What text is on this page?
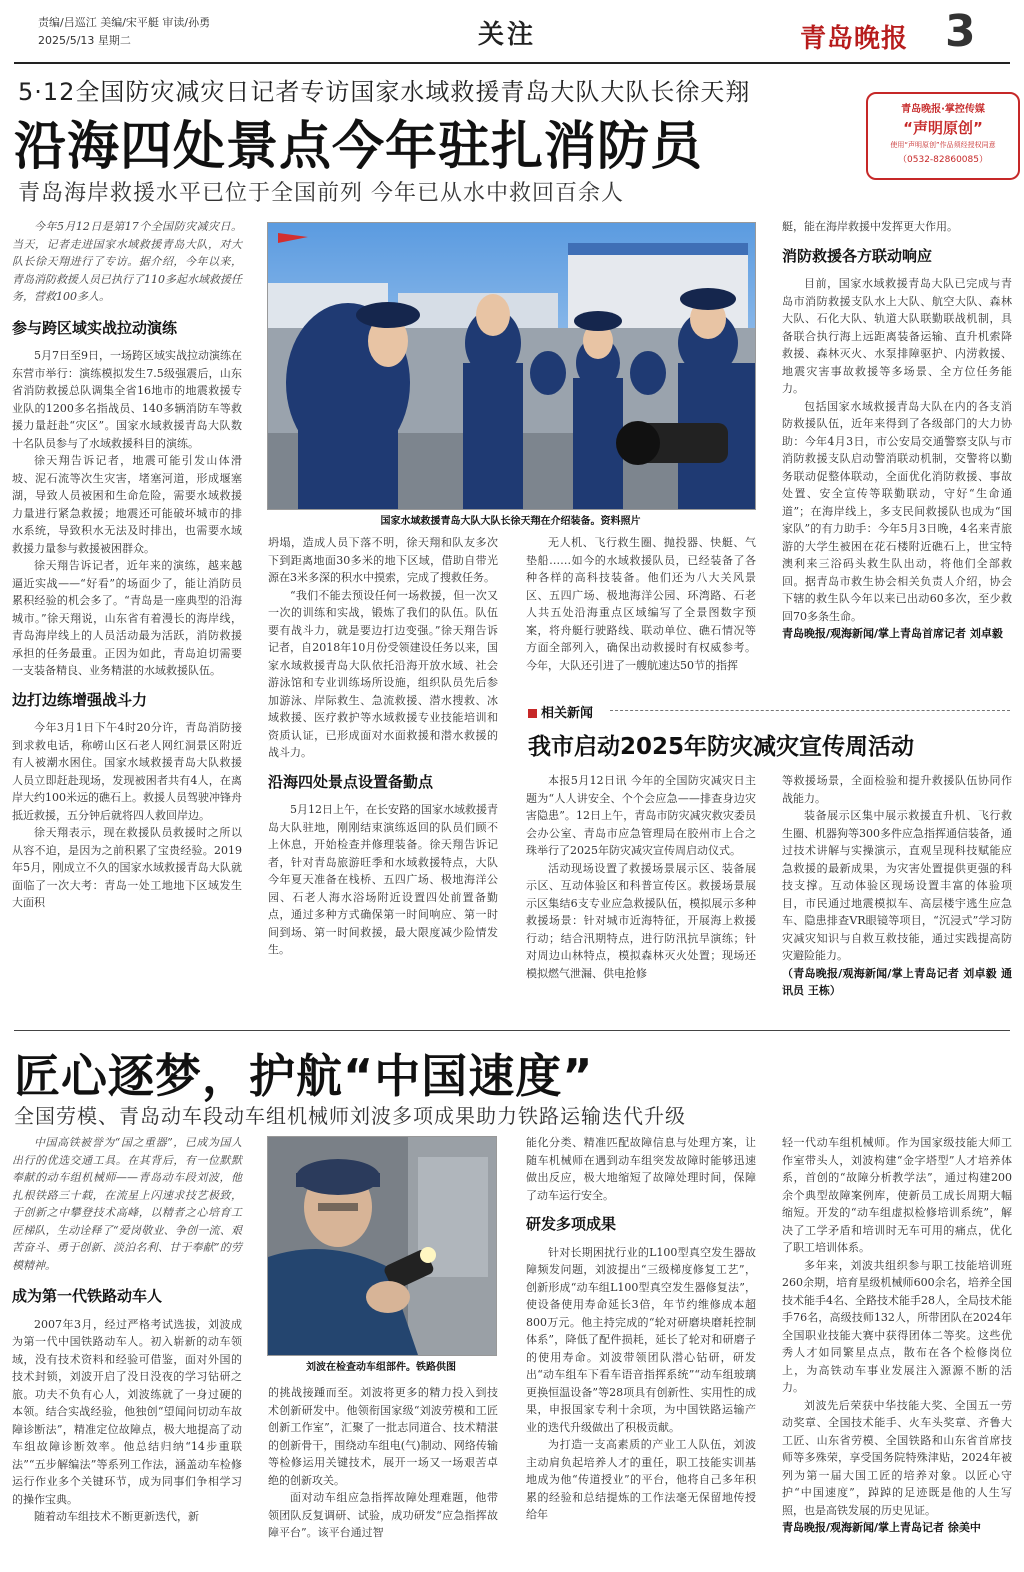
责编/吕巡江 美编/宋平艇 审读/孙勇
2025/5/13 星期二	关注	青岛晚报 3
青岛晚报·掌控传媒
“声明原创”
使用“声明原创”作品须经授权同意
（0532-82860085）
5·12全国防灾减灾日记者专访国家水域救援青岛大队大队长徐天翔
沿海四处景点今年驻扎消防员
青岛海岸救援水平已位于全国前列 今年已从水中救回百余人

今年5月12日是第17个全国防灾减灾日。当天，记者走进国家水域救援青岛大队，对大队长徐天翔进行了专访。据介绍，今年以来，青岛消防救援人员已执行了110多起水域救援任务，营救100多人。

参与跨区域实战拉动演练

5月7日至9日，一场跨区域实战拉动演练在东营市举行：演练模拟发生7.5级强震后，山东省消防救援总队调集全省16地市的地震救援专业队的1200多名指战员、140多辆消防车等救援力量赶赴“灾区”。国家水域救援青岛大队数十名队员参与了水域救援科目的演练。

徐天翔告诉记者，地震可能引发山体滑坡、泥石流等次生灾害，堵塞河道，形成堰塞湖，导致人员被困和生命危险，需要水域救援力量进行紧急救援；地震还可能破坏城市的排水系统，导致积水无法及时排出，也需要水域救援力量参与救援被困群众。

徐天翔告诉记者，近年来的演练，越来越逼近实战——“好看”的场面少了，能让消防员累积经验的机会多了。“青岛是一座典型的沿海城市。”徐天翔说，山东省有着漫长的海岸线，青岛海岸线上的人员活动最为活跃，消防救援承担的任务最重。正因为如此，青岛迫切需要一支装备精良、业务精湛的水域救援队伍。

边打边练增强战斗力

今年3月1日下午4时20分许，青岛消防接到求救电话，称崂山区石老人网红洞景区附近有人被潮水困住。国家水域救援青岛大队救援人员立即赶赴现场，发现被困者共有4人，在离岸大约100米远的礁石上。救援人员驾驶冲锋舟抵近救援，五分钟后就将四人救回岸边。

徐天翔表示，现在救援队员救援时之所以从容不迫，是因为之前积累了宝贵经验。2019年5月，刚成立不久的国家水域救援青岛大队就面临了一次大考：青岛一处工地地下区域发生大面积

国家水域救援青岛大队大队长徐天翔在介绍装备。资料照片

坍塌，造成人员下落不明，徐天翔和队友多次下到距离地面30多米的地下区域，借助自带光源在3米多深的积水中摸索，完成了搜救任务。

“我们不能去预设任何一场救援，但一次又一次的训练和实战，锻炼了我们的队伍。队伍要有战斗力，就是要边打边变强。”徐天翔告诉记者，自2018年10月份受领建设任务以来，国家水域救援青岛大队依托沿海开放水域、社会游泳馆和专业训练场所设施，组织队员先后参加游泳、岸际救生、急流救援、潜水搜救、冰域救援、医疗救护等水域救援专业技能培训和资质认证，已形成面对水面救援和潜水救援的战斗力。

沿海四处景点设置备勤点

5月12日上午，在长安路的国家水域救援青岛大队驻地，刚刚结束演练返回的队员们顾不上休息，开始检查并修理装备。徐天翔告诉记者，针对青岛旅游旺季和水域救援特点，大队今年夏天准备在栈桥、五四广场、极地海洋公园、石老人海水浴场附近设置四处前置备勤点，通过多种方式确保第一时间响应、第一时间到场、第一时间救援，最大限度减少险情发生。

无人机、飞行救生圈、抛投器、快艇、气垫船……如今的水域救援队员，已经装备了各种各样的高科技装备。他们还为八大关风景区、五四广场、极地海洋公园、环湾路、石老人共五处沿海重点区域编写了全景图数字预案，将舟艇行驶路线、联动单位、礁石情况等方面全部列入，确保出动救援时有权威参考。今年，大队还引进了一艘航速达50节的指挥

艇，能在海岸救援中发挥更大作用。

消防救援各方联动响应

目前，国家水域救援青岛大队已完成与青岛市消防救援支队水上大队、航空大队、森林大队、石化大队、轨道大队联勤联战机制，具备联合执行海上远距离装备运输、直升机索降救援、森林灭火、水泵排障驱护、内涝救援、地震灾害事故救援等多场景、全方位任务能力。

包括国家水域救援青岛大队在内的各支消防救援队伍，近年来得到了各级部门的大力协助：今年4月3日，市公安局交通警察支队与市消防救援支队启动警消联动机制，交警将以勤务联动促整体联动，全面优化消防救援、事故处置、安全宣传等联勤联动，守好“生命通道”；在海岸线上，多支民间救援队也成为“国家队”的有力助手：今年5月3日晚，4名来青旅游的大学生被困在花石楼附近礁石上，世宝特澳利来三浴码头救生队出动，将他们全部救回。据青岛市救生协会相关负责人介绍，协会下辖的救生队今年以来已出动60多次，至少救回70多条生命。

青岛晚报/观海新闻/掌上青岛首席记者 刘卓毅

相关新闻
我市启动2025年防灾减灾宣传周活动

本报5月12日讯 今年的全国防灾减灾日主题为“人人讲安全、个个会应急——排查身边灾害隐患”。12日上午，青岛市防灾减灾救灾委员会办公室、青岛市应急管理局在胶州市上合之珠举行了2025年防灾减灾宣传周启动仪式。

活动现场设置了救援场景展示区、装备展示区、互动体验区和科普宣传区。救援场景展示区集结6支专业应急救援队伍，模拟展示多种救援场景：针对城市近海特征，开展海上救援行动；结合汛期特点，进行防汛抗旱演练；针对周边山林特点，模拟森林灭火处置；现场还模拟燃气泄漏、供电抢修

等救援场景，全面检验和提升救援队伍协同作战能力。

装备展示区集中展示救援直升机、飞行救生圈、机器狗等300多件应急指挥通信装备，通过技术讲解与实操演示，直观呈现科技赋能应急救援的最新成果，为灾害处置提供更强的科技支撑。互动体验区现场设置丰富的体验项目，市民通过地震模拟车、高层楼宇逃生应急车、隐患排查VR眼镜等项目，“沉浸式”学习防灾减灾知识与自救互救技能，通过实践提高防灾避险能力。

（青岛晚报/观海新闻/掌上青岛记者 刘卓毅 通讯员 王栋）

匠心逐梦，护航“中国速度”
全国劳模、青岛动车段动车组机械师刘波多项成果助力铁路运输迭代升级

中国高铁被誉为“国之重器”，已成为国人出行的优选交通工具。在其背后，有一位默默奉献的动车组机械师——青岛动车段刘波，他扎根铁路三十载，在流星上闪速求技艺极致，于创新之中攀登技术高峰，以精者之心培育工匠梯队，生动诠释了“爱岗敬业、争创一流、艰苦奋斗、勇于创新、淡泊名利、甘于奉献”的劳模精神。

成为第一代铁路动车人

2007年3月，经过严格考试选拔，刘波成为第一代中国铁路动车人。初入崭新的动车领域，没有技术资料和经验可借鉴，面对外国的技术封锁，刘波开启了没日没夜的学习钻研之旅。功夫不负有心人，刘波练就了一身过硬的本领。结合实战经验，他独创“望闻问切动车故障诊断法”，精准定位故障点，极大地提高了动车组故障诊断效率。他总结归纳“14步重联法”“五步解编法”等系列工作法，涵盖动车检修运行作业多个关键环节，成为同事们争相学习的操作宝典。

随着动车组技术不断更新迭代，新

刘波在检查动车组部件。铁路供图

的挑战接踵而至。刘波将更多的精力投入到技术创新研发中。他领衔国家级“刘波劳模和工匠创新工作室”，汇聚了一批志同道合、技术精湛的创新骨干，围绕动车组电(气)制动、网络传输等检修运用关键技术，展开一场又一场艰苦卓绝的创新攻关。

面对动车组应急指挥故障处理难题，他带领团队反复调研、试验，成功研发“应急指挥故障平台”。该平台通过智

能化分类、精准匹配故障信息与处理方案，让随车机械师在遇到动车组突发故障时能够迅速做出反应，极大地缩短了故障处理时间，保障了动车运行安全。

研发多项成果

针对长期困扰行业的L100型真空发生器故障频发问题，刘波提出“三级梯度修复工艺”，创新形成“动车组L100型真空发生器修复法”，使设备使用寿命延长3倍，年节约维修成本超800万元。他主持完成的“轮对研磨块磨耗控制体系”，降低了配件损耗，延长了轮对和研磨子的使用寿命。刘波带领团队潜心钻研，研发出“动车组车下看车语音指挥系统”“动车组玻璃更换恒温设备”等28项具有创新性、实用性的成果，申报国家专利十余项，为中国铁路运输产业的迭代升级做出了积极贡献。

为打造一支高素质的产业工人队伍，刘波主动肩负起培养人才的重任，职工技能实训基地成为他“传道授业”的平台，他将自己多年积累的经验和总结提炼的工作法毫无保留地传授给年

轻一代动车组机械师。作为国家级技能大师工作室带头人，刘波构建“金字塔型”人才培养体系，首创的“故障分析教学法”，通过构建200余个典型故障案例库，使新员工成长周期大幅缩短。开发的“动车组虚拟检修培训系统”，解决了工学矛盾和培训时无车可用的痛点，优化了职工培训体系。

多年来，刘波共组织参与职工技能培训班260余期，培育星级机械师600余名，培养全国技术能手4名、全路技术能手28人，全局技术能手76名，高级技师132人，所带团队在2024年全国职业技能大赛中获得团体二等奖。这些优秀人才如同繁星点点，散布在各个检修岗位上，为高铁动车事业发展注入源源不断的活力。

刘波先后荣获中华技能大奖、全国五一劳动奖章、全国技术能手、火车头奖章、齐鲁大工匠、山东省劳模、全国铁路和山东省首席技师等多殊荣，享受国务院特殊津贴，2024年被列为第一届大国工匠的培养对象。以匠心守护“中国速度”，踔踔的足迹既是他的人生写照，也是高铁发展的历史见证。

青岛晚报/观海新闻/掌上青岛记者 徐美中
